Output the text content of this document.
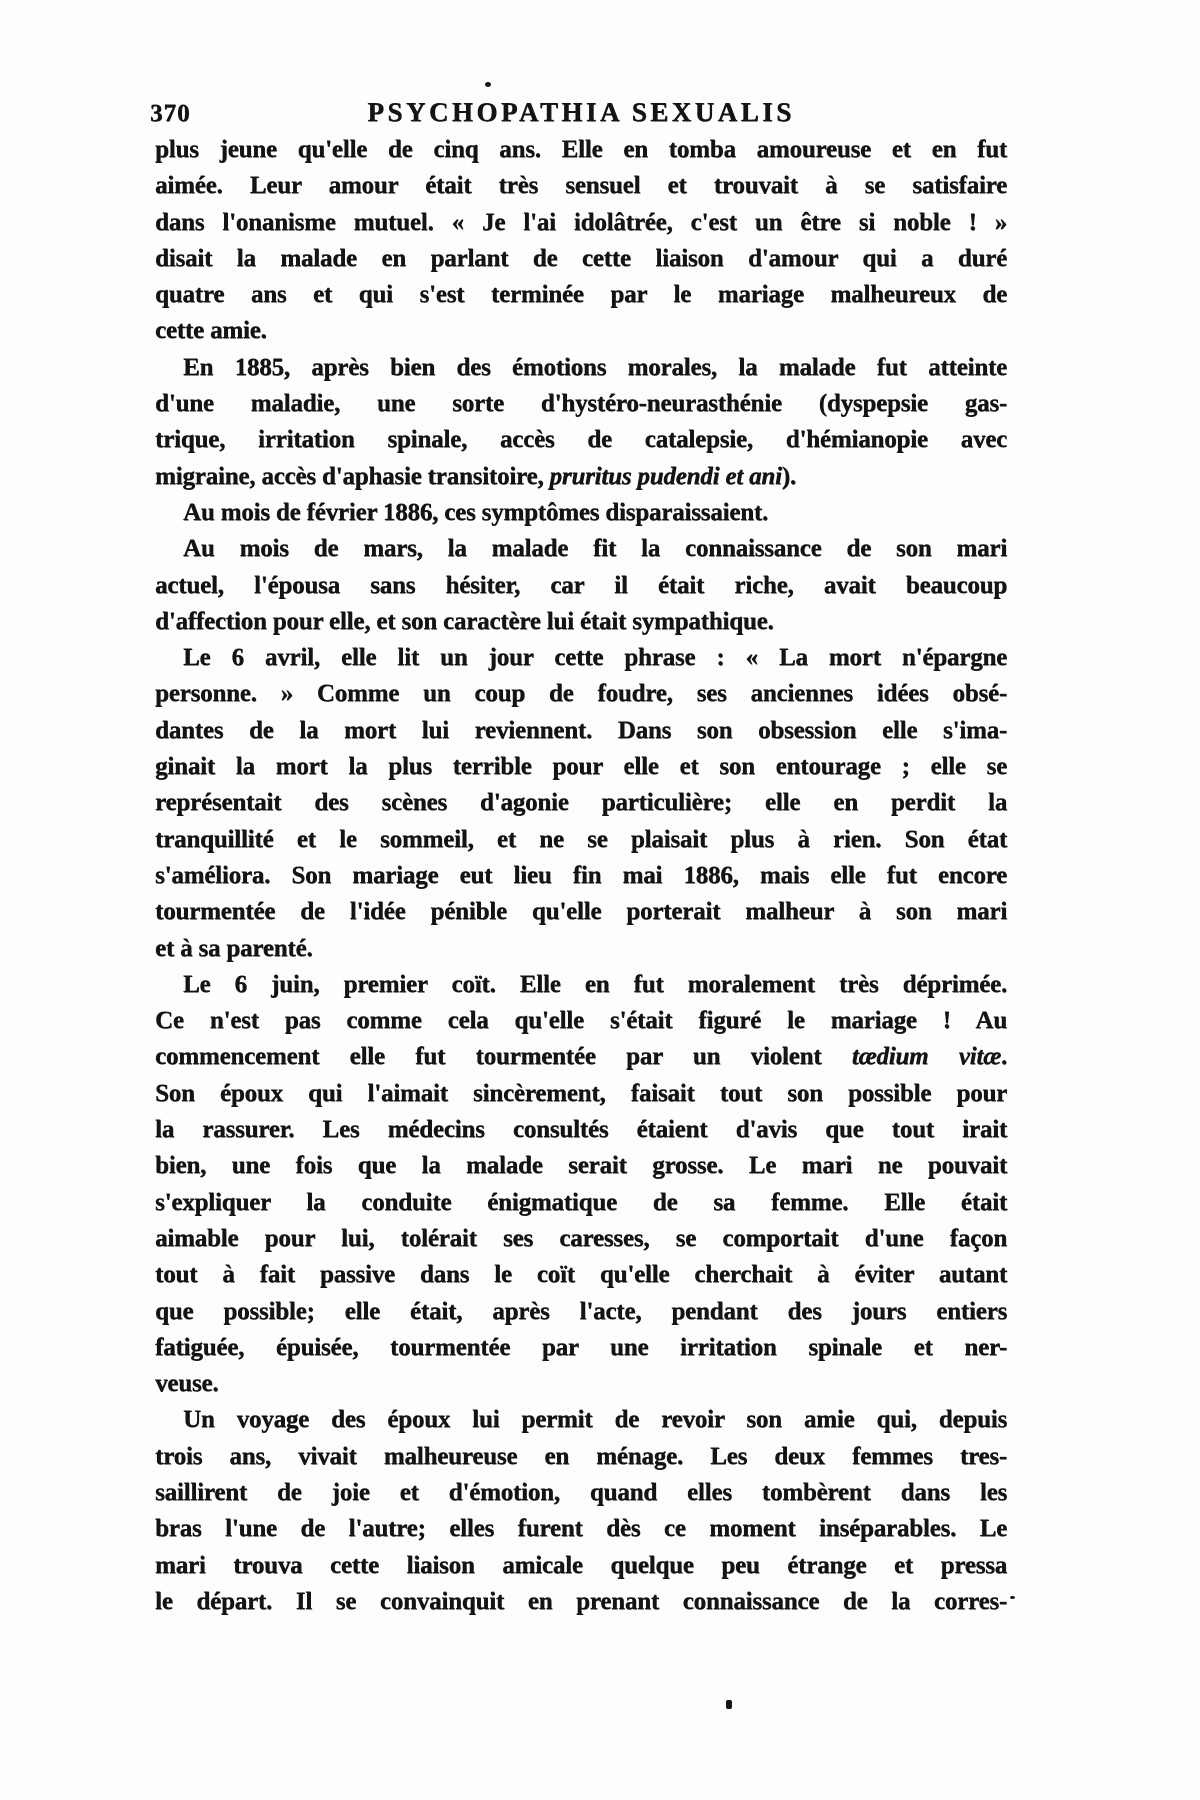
370	PSYCHOPATHIA SEXUALIS
plus jeune qu'elle de cinq ans. Elle en tomba amoureuse et en fut
aimée. Leur amour était très sensuel et trouvait à se satisfaire
dans l'onanisme mutuel. « Je l'ai idolâtrée, c'est un être si noble ! »
disait la malade en parlant de cette liaison d'amour qui a duré
quatre ans et qui s'est terminée par le mariage malheureux de
cette amie.
En 1885, après bien des émotions morales, la malade fut atteinte
d'une maladie, une sorte d'hystéro-neurasthénie (dyspepsie gas-
trique, irritation spinale, accès de catalepsie, d'hémianopie avec
migraine, accès d'aphasie transitoire, pruritus pudendi et ani).
Au mois de février 1886, ces symptômes disparaissaient.
Au mois de mars, la malade fit la connaissance de son mari
actuel, l'épousa sans hésiter, car il était riche, avait beaucoup
d'affection pour elle, et son caractère lui était sympathique.
Le 6 avril, elle lit un jour cette phrase : « La mort n'épargne
personne. » Comme un coup de foudre, ses anciennes idées obsé-
dantes de la mort lui reviennent. Dans son obsession elle s'ima-
ginait la mort la plus terrible pour elle et son entourage ; elle se
représentait des scènes d'agonie particulière; elle en perdit la
tranquillité et le sommeil, et ne se plaisait plus à rien. Son état
s'améliora. Son mariage eut lieu fin mai 1886, mais elle fut encore
tourmentée de l'idée pénible qu'elle porterait malheur à son mari
et à sa parenté.
Le 6 juin, premier coït. Elle en fut moralement très déprimée.
Ce n'est pas comme cela qu'elle s'était figuré le mariage ! Au
commencement elle fut tourmentée par un violent tædium vitæ.
Son époux qui l'aimait sincèrement, faisait tout son possible pour
la rassurer. Les médecins consultés étaient d'avis que tout irait
bien, une fois que la malade serait grosse. Le mari ne pouvait
s'expliquer la conduite énigmatique de sa femme. Elle était
aimable pour lui, tolérait ses caresses, se comportait d'une façon
tout à fait passive dans le coït qu'elle cherchait à éviter autant
que possible; elle était, après l'acte, pendant des jours entiers
fatiguée, épuisée, tourmentée par une irritation spinale et ner-
veuse.
Un voyage des époux lui permit de revoir son amie qui, depuis
trois ans, vivait malheureuse en ménage. Les deux femmes tres-
saillirent de joie et d'émotion, quand elles tombèrent dans les
bras l'une de l'autre; elles furent dès ce moment inséparables. Le
mari trouva cette liaison amicale quelque peu étrange et pressa
le départ. Il se convainquit en prenant connaissance de la corres-
